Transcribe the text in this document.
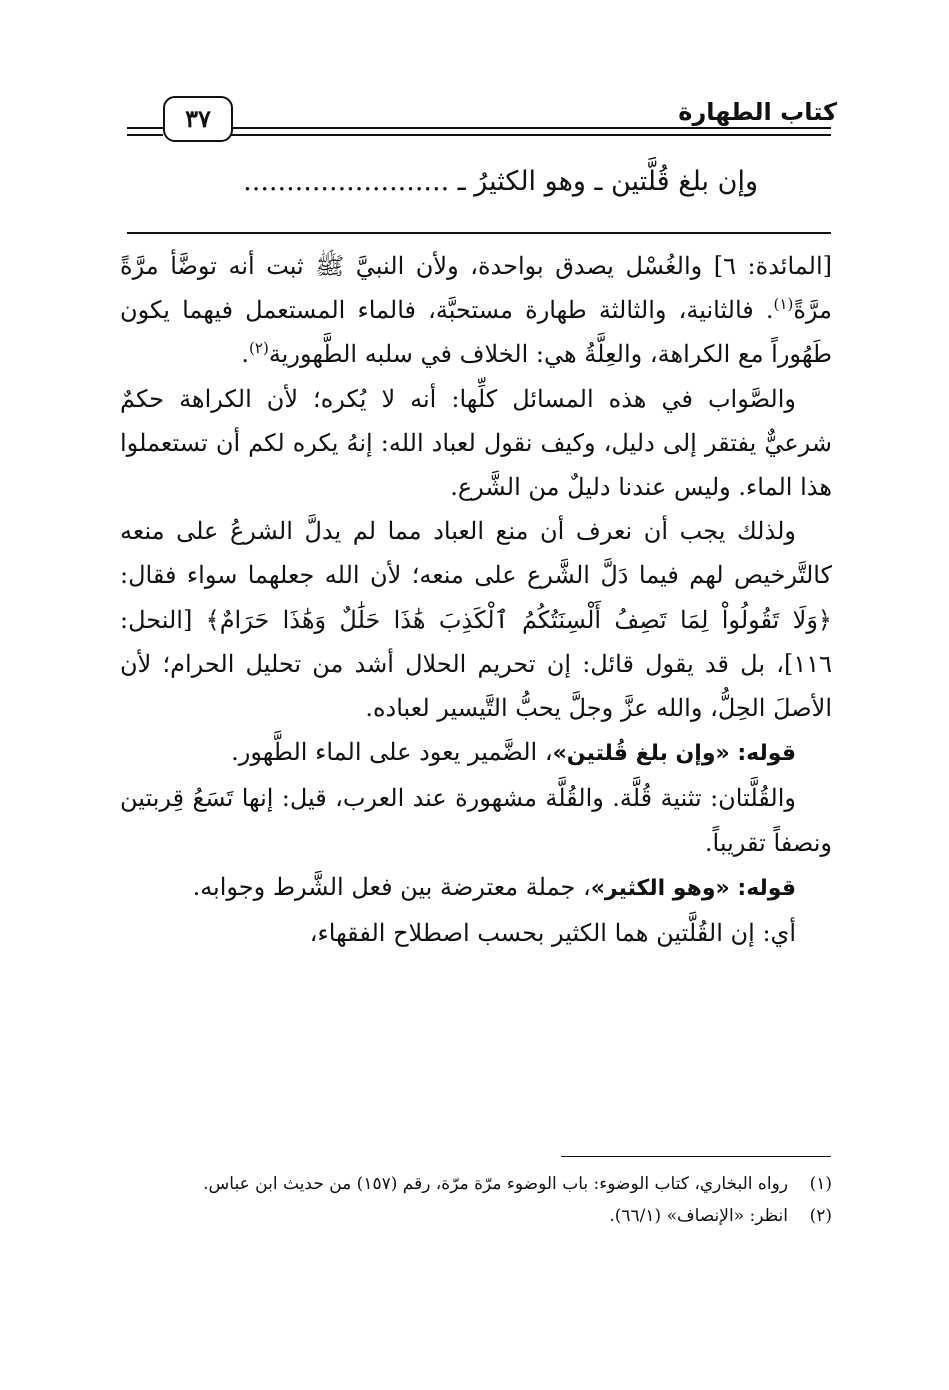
كتاب الطهارة
٣٧
وإن بلغ قُلَّتين ـ وهو الكثيرُ ـ ........................

[المائدة: ٦] والغُسْل يصدق بواحدة، ولأن النبيَّ ﷺ ثبت أنه توضَّأ مرَّةً مرَّةً$^{(١)}$. فالثانية، والثالثة طهارة مستحبَّة، فالماء المستعمل فيهما يكون طَهُوراً مع الكراهة، والعِلَّةُ هي: الخلاف في سلبه الطَّهورية$^{(٢)}$.

والصَّواب في هذه المسائل كلِّها: أنه لا يُكره؛ لأن الكراهة حكمٌ شرعيٌّ يفتقر إلى دليل، وكيف نقول لعباد الله: إنهُ يكره لكم أن تستعملوا هذا الماء. وليس عندنا دليلٌ من الشَّرع.

ولذلك يجب أن نعرف أن منع العباد مما لم يدلَّ الشرعُ على منعه كالتَّرخيص لهم فيما دَلَّ الشَّرع على منعه؛ لأن الله جعلهما سواء فقال: ﴿وَلَا تَقُولُواْ لِمَا تَصِفُ أَلْسِنَتُكُمُ ٱلْكَذِبَ هَٰذَا حَلَٰلٌ وَهَٰذَا حَرَامٌ﴾ [النحل: ١١٦]، بل قد يقول قائل: إن تحريم الحلال أشد من تحليل الحرام؛ لأن الأصلَ الحِلُّ، والله عزَّ وجلَّ يحبُّ التَّيسير لعباده.

قوله: «وإن بلغ قُلتين»، الضَّمير يعود على الماء الطَّهور.

والقُلَّتان: تثنية قُلَّة. والقُلَّة مشهورة عند العرب، قيل: إنها تَسَعُ قِربتين ونصفاً تقريباً.

قوله: «وهو الكثير»، جملة معترضة بين فعل الشَّرط وجوابه.

أي: إن القُلَّتين هما الكثير بحسب اصطلاح الفقهاء،

(١)
رواه البخاري، كتاب الوضوء: باب الوضوء مرّة مرّة، رقم (١٥٧) من حديث ابن عباس.
(٢)
انظر: «الإنصاف» (٦٦/١).
